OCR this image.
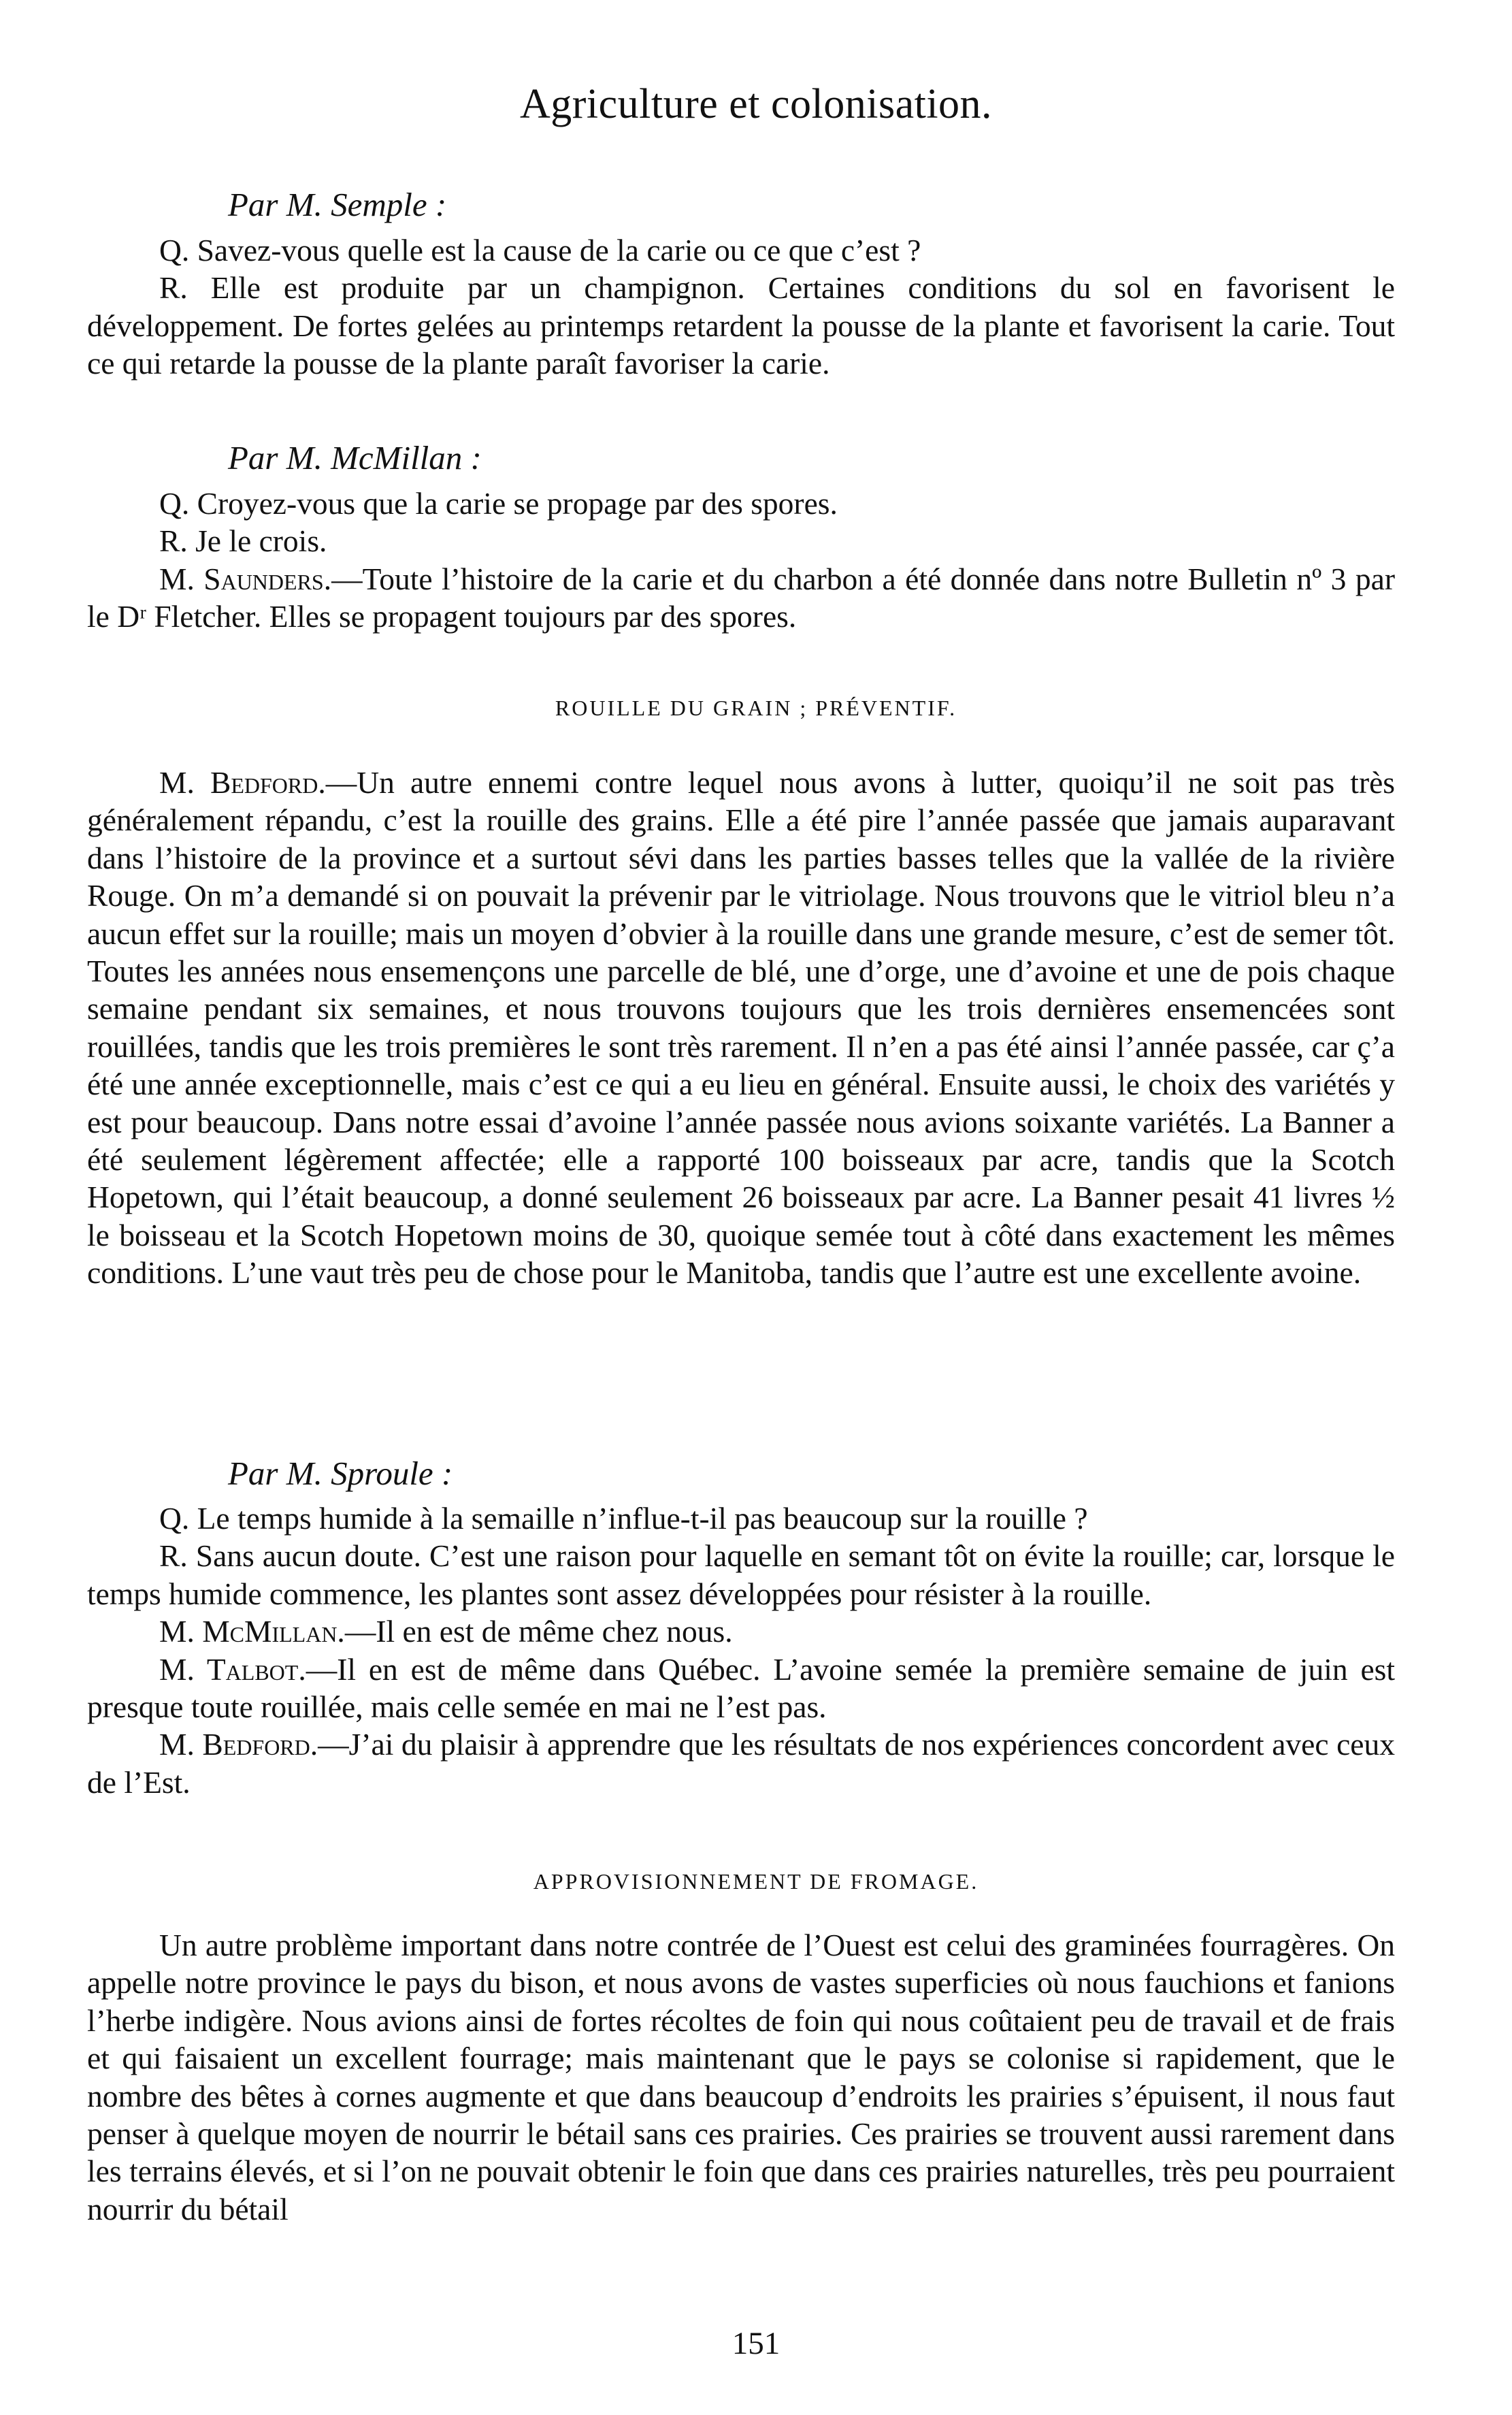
Agriculture et colonisation.

Par M. Semple :

Q. Savez-vous quelle est la cause de la carie ou ce que c’est ?

R. Elle est produite par un champignon. Certaines conditions du sol en favorisent le développement. De fortes gelées au printemps retardent la pousse de la plante et favorisent la carie. Tout ce qui retarde la pousse de la plante paraît favoriser la carie.

Par M. McMillan :

Q. Croyez-vous que la carie se propage par des spores.

R. Je le crois.

M. Saunders.—Toute l’histoire de la carie et du charbon a été donnée dans notre Bulletin nº 3 par le Dʳ Fletcher. Elles se propagent toujours par des spores.

ROUILLE DU GRAIN ; PRÉVENTIF.

M. Bedford.—Un autre ennemi contre lequel nous avons à lutter, quoiqu’il ne soit pas très généralement répandu, c’est la rouille des grains. Elle a été pire l’année passée que jamais auparavant dans l’histoire de la province et a surtout sévi dans les parties basses telles que la vallée de la rivière Rouge. On m’a demandé si on pouvait la prévenir par le vitriolage. Nous trouvons que le vitriol bleu n’a aucun effet sur la rouille; mais un moyen d’obvier à la rouille dans une grande mesure, c’est de semer tôt. Toutes les années nous ensemençons une parcelle de blé, une d’orge, une d’avoine et une de pois chaque semaine pendant six semaines, et nous trouvons toujours que les trois dernières ensemencées sont rouillées, tandis que les trois premières le sont très rarement. Il n’en a pas été ainsi l’année passée, car ç’a été une année exceptionnelle, mais c’est ce qui a eu lieu en général. Ensuite aussi, le choix des variétés y est pour beaucoup. Dans notre essai d’avoine l’année passée nous avions soixante variétés. La Banner a été seulement légèrement affectée; elle a rapporté 100 boisseaux par acre, tandis que la Scotch Hopetown, qui l’était beaucoup, a donné seulement 26 boisseaux par acre. La Banner pesait 41 livres ½ le boisseau et la Scotch Hopetown moins de 30, quoique semée tout à côté dans exactement les mêmes conditions. L’une vaut très peu de chose pour le Manitoba, tandis que l’autre est une excellente avoine.

Par M. Sproule :

Q. Le temps humide à la semaille n’influe-t-il pas beaucoup sur la rouille ?

R. Sans aucun doute. C’est une raison pour laquelle en semant tôt on évite la rouille; car, lorsque le temps humide commence, les plantes sont assez développées pour résister à la rouille.

M. McMillan.—Il en est de même chez nous.

M. Talbot.—Il en est de même dans Québec. L’avoine semée la première semaine de juin est presque toute rouillée, mais celle semée en mai ne l’est pas.

M. Bedford.—J’ai du plaisir à apprendre que les résultats de nos expériences concordent avec ceux de l’Est.

APPROVISIONNEMENT DE FROMAGE.

Un autre problème important dans notre contrée de l’Ouest est celui des graminées fourragères. On appelle notre province le pays du bison, et nous avons de vastes superficies où nous fauchions et fanions l’herbe indigère. Nous avions ainsi de fortes récoltes de foin qui nous coûtaient peu de travail et de frais et qui faisaient un excellent fourrage; mais maintenant que le pays se colonise si rapidement, que le nombre des bêtes à cornes augmente et que dans beaucoup d’endroits les prairies s’épuisent, il nous faut penser à quelque moyen de nourrir le bétail sans ces prairies. Ces prairies se trouvent aussi rarement dans les terrains élevés, et si l’on ne pouvait obtenir le foin que dans ces prairies naturelles, très peu pourraient nourrir du bétail

151
